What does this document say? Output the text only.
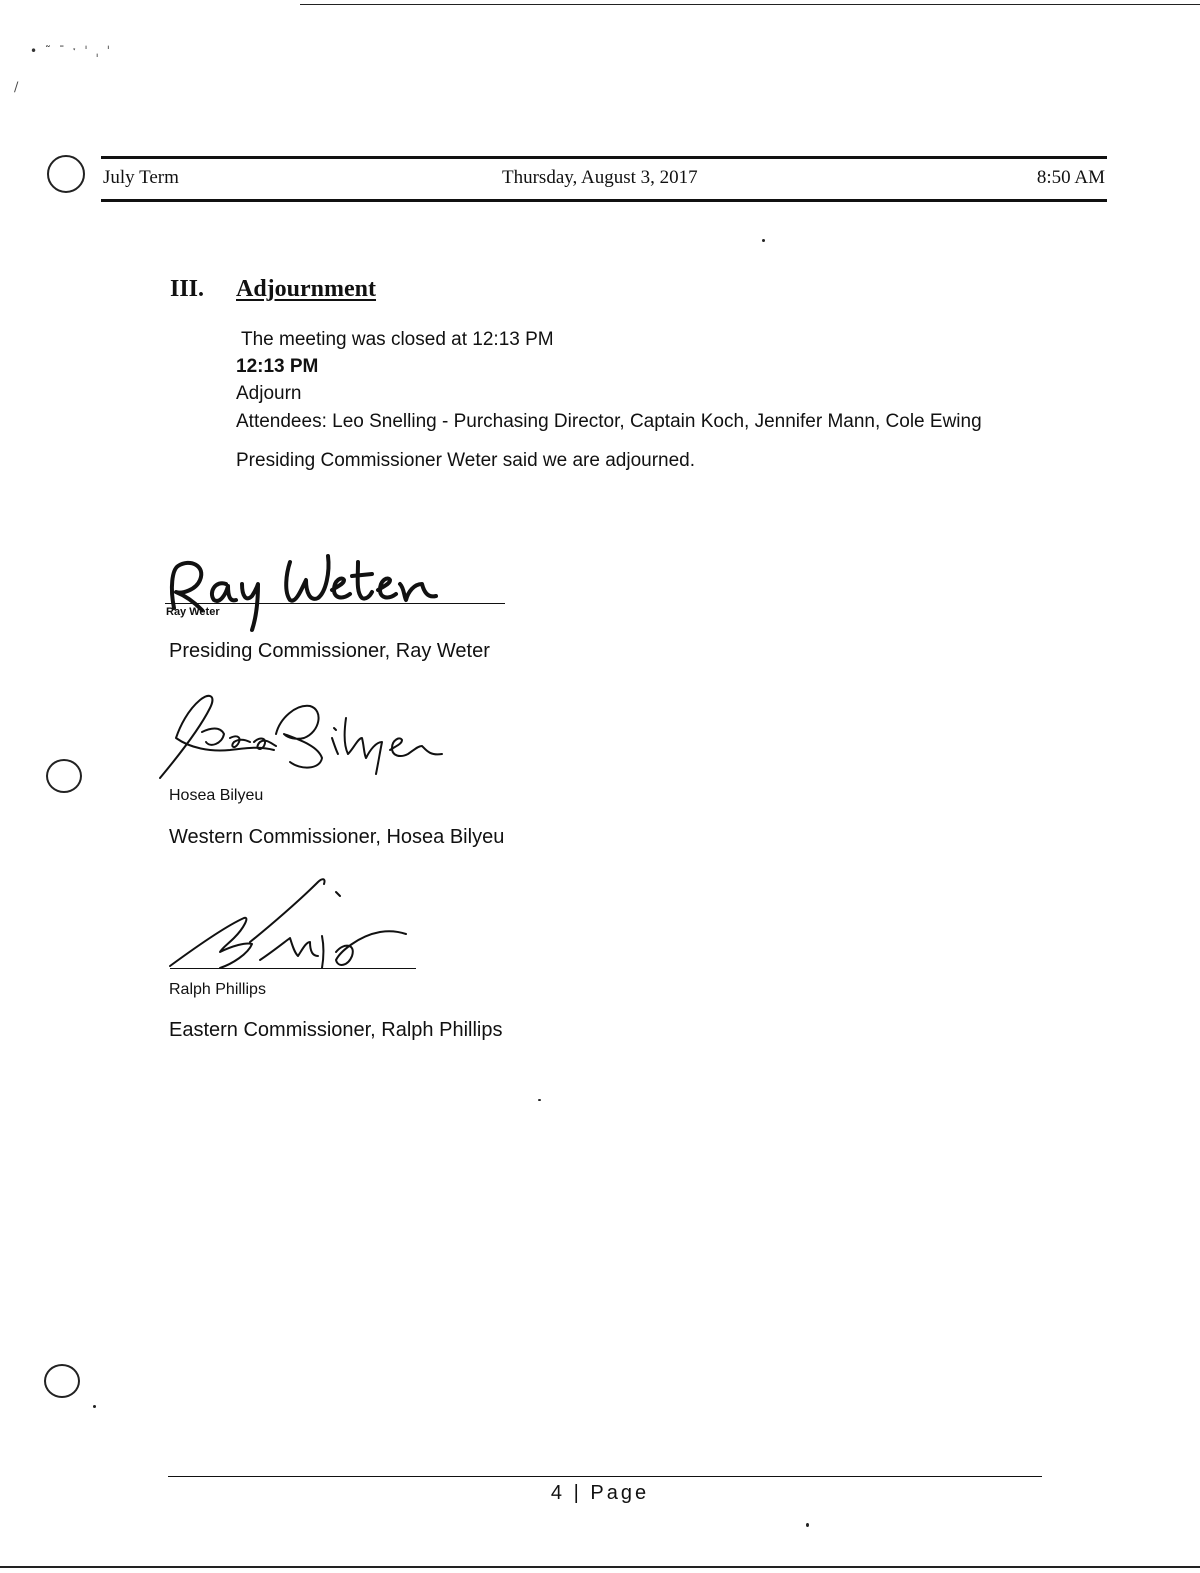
• ˜ ˉ ˑ ˈ ˌ ˈ
/
July Term	Thursday, August 3, 2017	8:50 AM
III. Adjournment
The meeting was closed at 12:13 PM
12:13 PM
Adjourn
Attendees: Leo Snelling - Purchasing Director, Captain Koch, Jennifer Mann, Cole Ewing
Presiding Commissioner Weter said we are adjourned.
Ray Weter
Presiding Commissioner, Ray Weter
Hosea Bilyeu
Western Commissioner, Hosea Bilyeu
Ralph Phillips
Eastern Commissioner, Ralph Phillips
4 | Page
